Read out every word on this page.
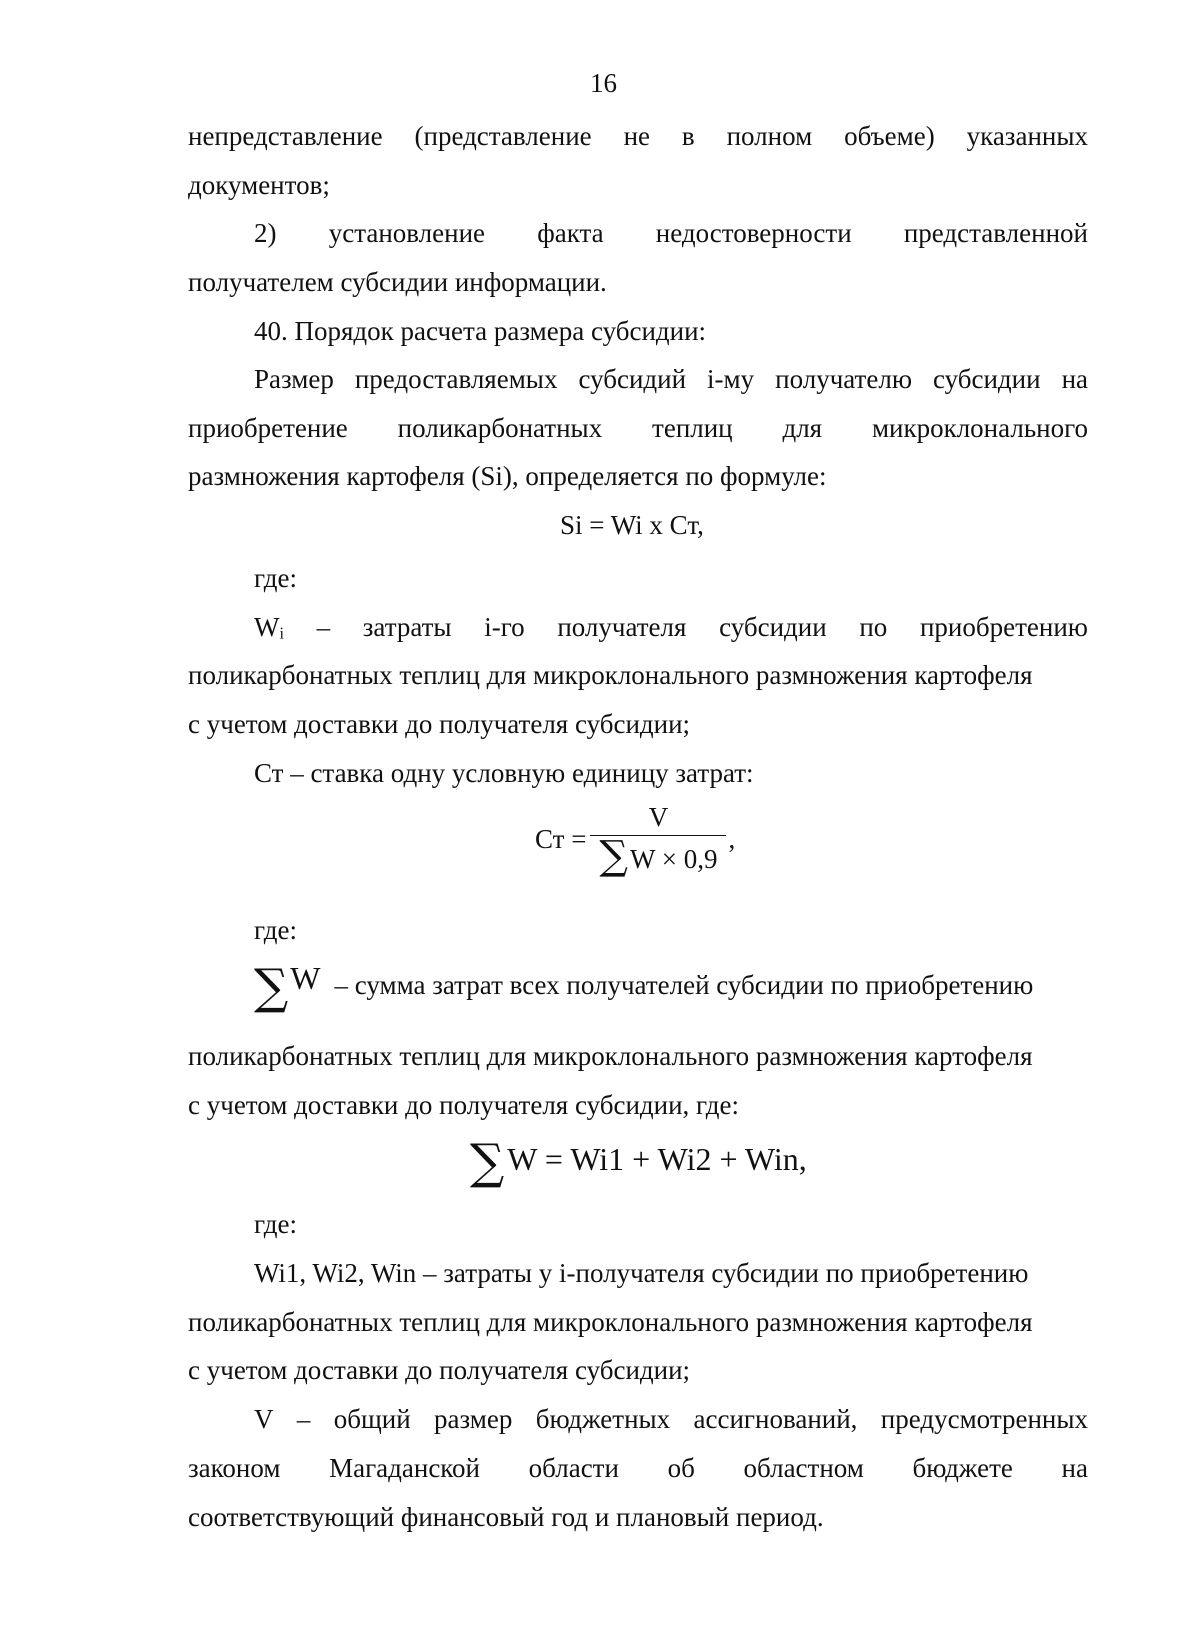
16
непредставление (представление не в полном объеме) указанных
документов;
2) установление факта недостоверности представленной
получателем субсидии информации.
40. Порядок расчета размера субсидии:
Размер предоставляемых субсидий i-му получателю субсидии на
приобретение поликарбонатных теплиц для микроклонального
размножения картофеля (Si), определяется по формуле:
Si = Wi x Ст,
где:
Wᵢ – затраты i-го получателя субсидии по приобретению
поликарбонатных теплиц для микроклонального размножения картофеля
с учетом доставки до получателя субсидии;
Ст – ставка одну условную единицу затрат:
Ст = $\frac{V}{\sum W \times 0,9}$ ,
где:
∑ W – сумма затрат всех получателей субсидии по приобретению
поликарбонатных теплиц для микроклонального размножения картофеля
с учетом доставки до получателя субсидии, где:
∑ W = Wi1 + Wi2 + Win,
где:
Wi1, Wi2, Win – затраты у i-получателя субсидии по приобретению
поликарбонатных теплиц для микроклонального размножения картофеля
с учетом доставки до получателя субсидии;
V – общий размер бюджетных ассигнований, предусмотренных
законом Магаданской области об областном бюджете на
соответствующий финансовый год и плановый период.
